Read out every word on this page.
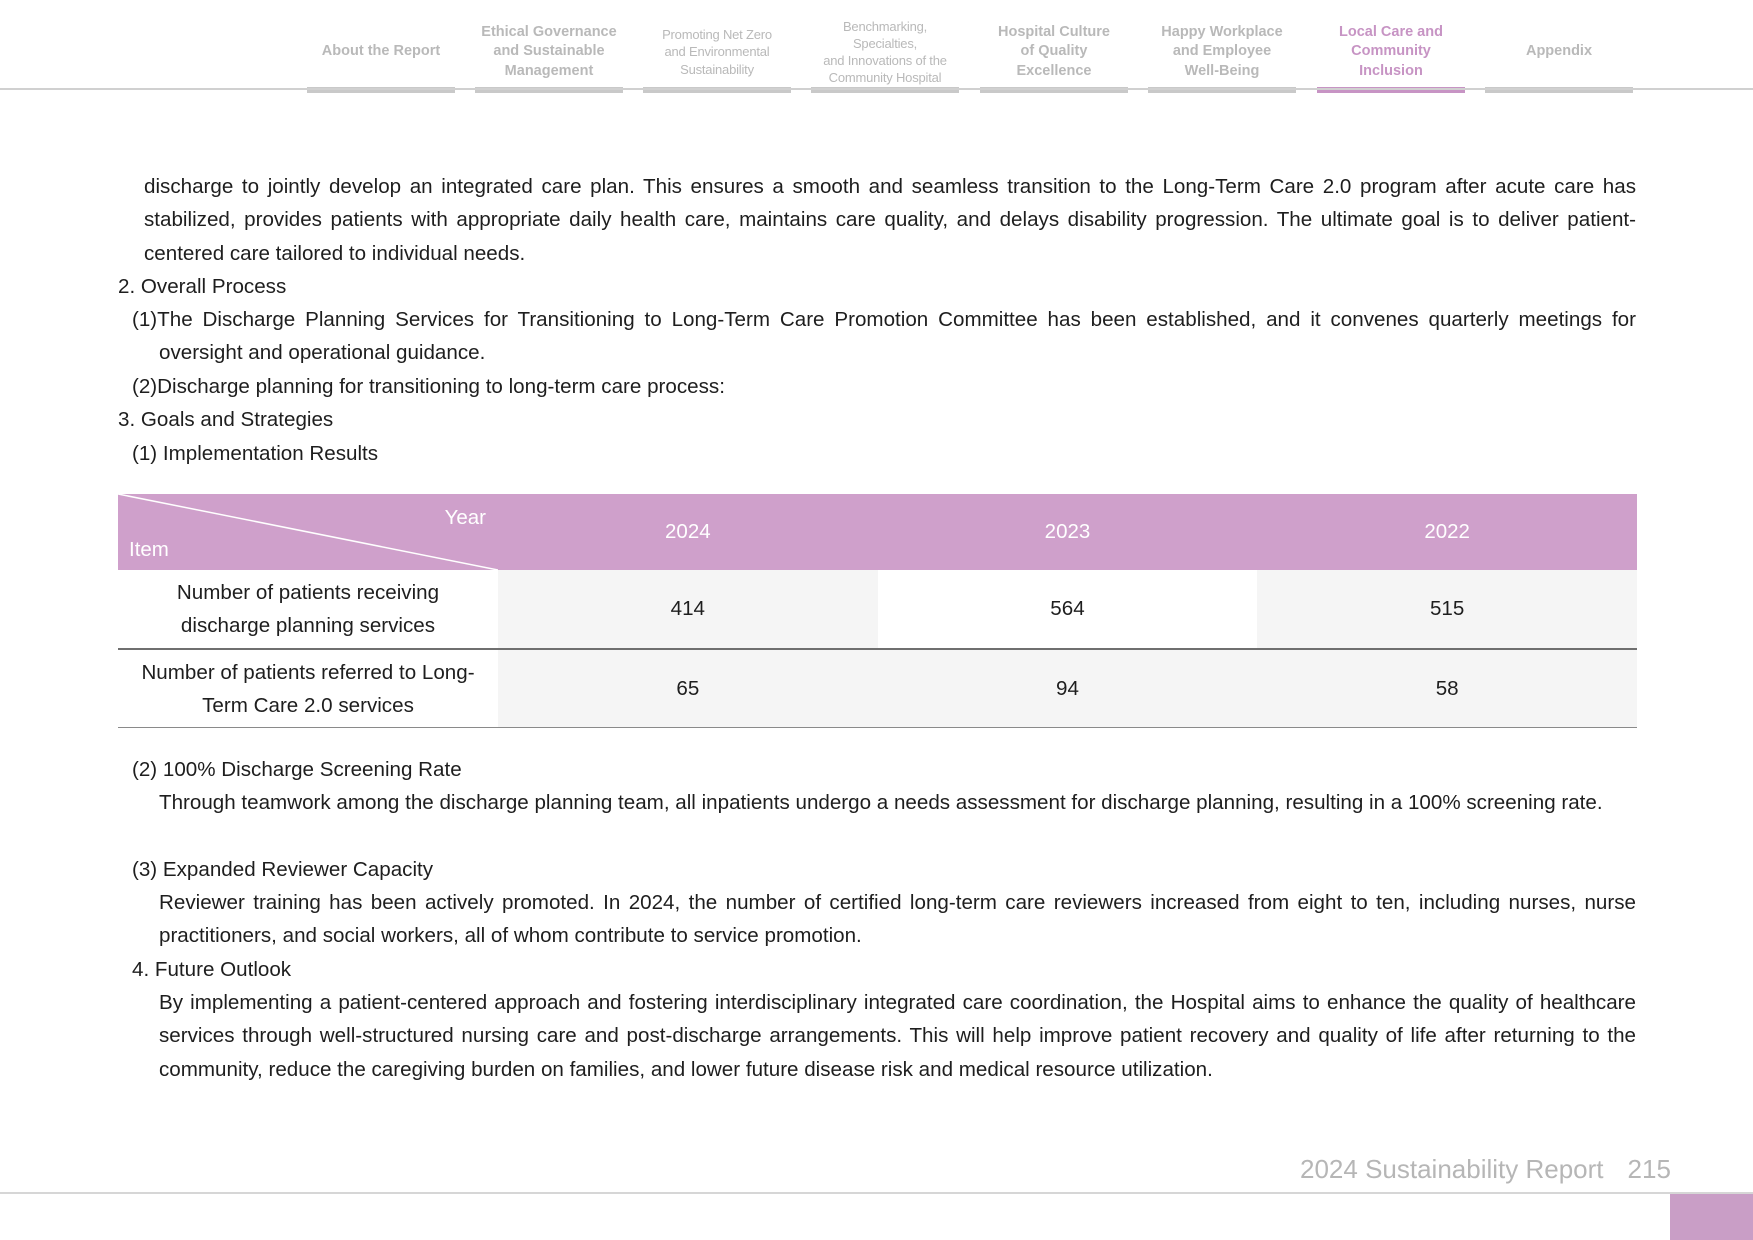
About the Report
Ethical Governance
and Sustainable
Management
Promoting Net Zero
and Environmental
Sustainability
Benchmarking, Specialties,
and Innovations of the
Community Hospital
Hospital Culture
of Quality
Excellence
Happy Workplace
and Employee
Well-Being
Local Care and
Community
Inclusion
Appendix
discharge to jointly develop an integrated care plan. This ensures a smooth and seamless transition to the Long-Term Care 2.0 program after acute care has stabilized, provides patients with appropriate daily health care, maintains care quality, and delays disability progression. The ultimate goal is to deliver patient-centered care tailored to individual needs.
2. Overall Process
(1)The Discharge Planning Services for Transitioning to Long-Term Care Promotion Committee has been established, and it convenes quarterly meetings for oversight and operational guidance.
(2)Discharge planning for transitioning to long-term care process:
3. Goals and Strategies
(1) Implementation Results
Year
Item	2024	2023	2022
Number of patients receiving
discharge planning services	414	564	515
Number of patients referred to Long-
Term Care 2.0 services	65	94	58
(2) 100% Discharge Screening Rate
Through teamwork among the discharge planning team, all inpatients undergo a needs assessment for discharge planning, resulting in a 100% screening rate.
(3) Expanded Reviewer Capacity
Reviewer training has been actively promoted. In 2024, the number of certified long-term care reviewers increased from eight to ten, including nurses, nurse practitioners, and social workers, all of whom contribute to service promotion.
4. Future Outlook
By implementing a patient-centered approach and fostering interdisciplinary integrated care coordination, the Hospital aims to enhance the quality of healthcare services through well-structured nursing care and post-discharge arrangements. This will help improve patient recovery and quality of life after returning to the community, reduce the caregiving burden on families, and lower future disease risk and medical resource utilization.
2024 Sustainability Report 215
